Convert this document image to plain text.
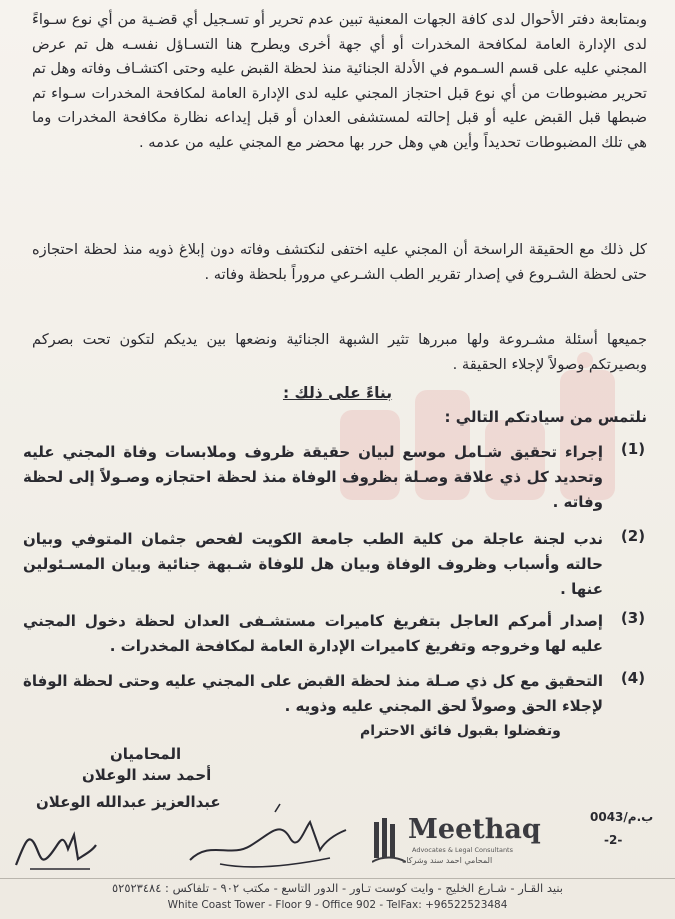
وبمتابعة دفتر الأحوال لدى كافة الجهات المعنية تبين عدم تحرير أو تسـجيل أي قضـية من أي نوع سـواءً لدى الإدارة العامة لمكافحة المخدرات أو أي جهة أخرى ويطرح هنا التسـاؤل نفسـه هل تم عرض المجني عليه على قسم السـموم في الأدلة الجنائية منذ لحظة القبض عليه وحتى اكتشـاف وفاته وهل تم تحرير مضبوطات من أي نوع قبل احتجاز المجني عليه لدى الإدارة العامة لمكافحة المخدرات سـواء تم ضبطها قبل القبض عليه أو قبل إحالته لمستشفى العدان أو قبل إيداعه نظارة مكافحة المخدرات وما هي تلك المضبوطات تحديداً وأين هي وهل حرر بها محضر مع المجني عليه من عدمه .

كل ذلك مع الحقيقة الراسخة أن المجني عليه اختفى لنكتشف وفاته دون إبلاغ ذويه منذ لحظة احتجازه حتى لحظة الشـروع في إصدار تقرير الطب الشـرعي مروراً بلحظة وفاته .

جميعها أسئلة مشـروعة ولها مبررها تثير الشبهة الجنائية ونضعها بين يديكم لتكون تحت بصركم وبصيرتكم وصولاً لإجلاء الحقيقة .

بناءً على ذلك :
نلتمس من سيادتكم التالي :
(1)
إجراء تحقيق شـامل موسع لبيان حقيقة ظروف وملابسات وفاة المجني عليه وتحديد كل ذي علاقة وصـلة بظروف الوفاة منذ لحظة احتجازه وصـولاً إلى لحظة وفاته .
(2)
ندب لجنة عاجلة من كلية الطب جامعة الكويت لفحص جثمان المتوفي وبيان حالته وأسباب وظروف الوفاة وبيان هل للوفاة شـبهة جنائية وبيان المسـئولين عنها .
(3)
إصدار أمركم العاجل بتفريغ كاميرات مستشـفى العدان لحظة دخول المجني عليه لها وخروجه وتفريغ كاميرات الإدارة العامة لمكافحة المخدرات .
(4)
التحقيق مع كل ذي صـلة منذ لحظة القبض على المجني عليه وحتى لحظة الوفاة لإجلاء الحق وصولاً لحق المجني عليه وذويه .
وتفضلوا بقبول فائق الاحترام
المحاميان
أحمد سند الوعلان
عبدالعزيز عبدالله الوعلان
Meethaq
Advocates & Legal Consultants
المحامي احمد سند وشركاه
ب.م/0043
-2-
بنيد القـار - شـارع الخليج - وايت كوست تـاور - الدور التاسع - مكتب ٩٠٢ - تلفاكس : ٥٢٥٢٣٤٨٤
White Coast Tower - Floor 9 - Office 902 - TelFax: +96522523484
